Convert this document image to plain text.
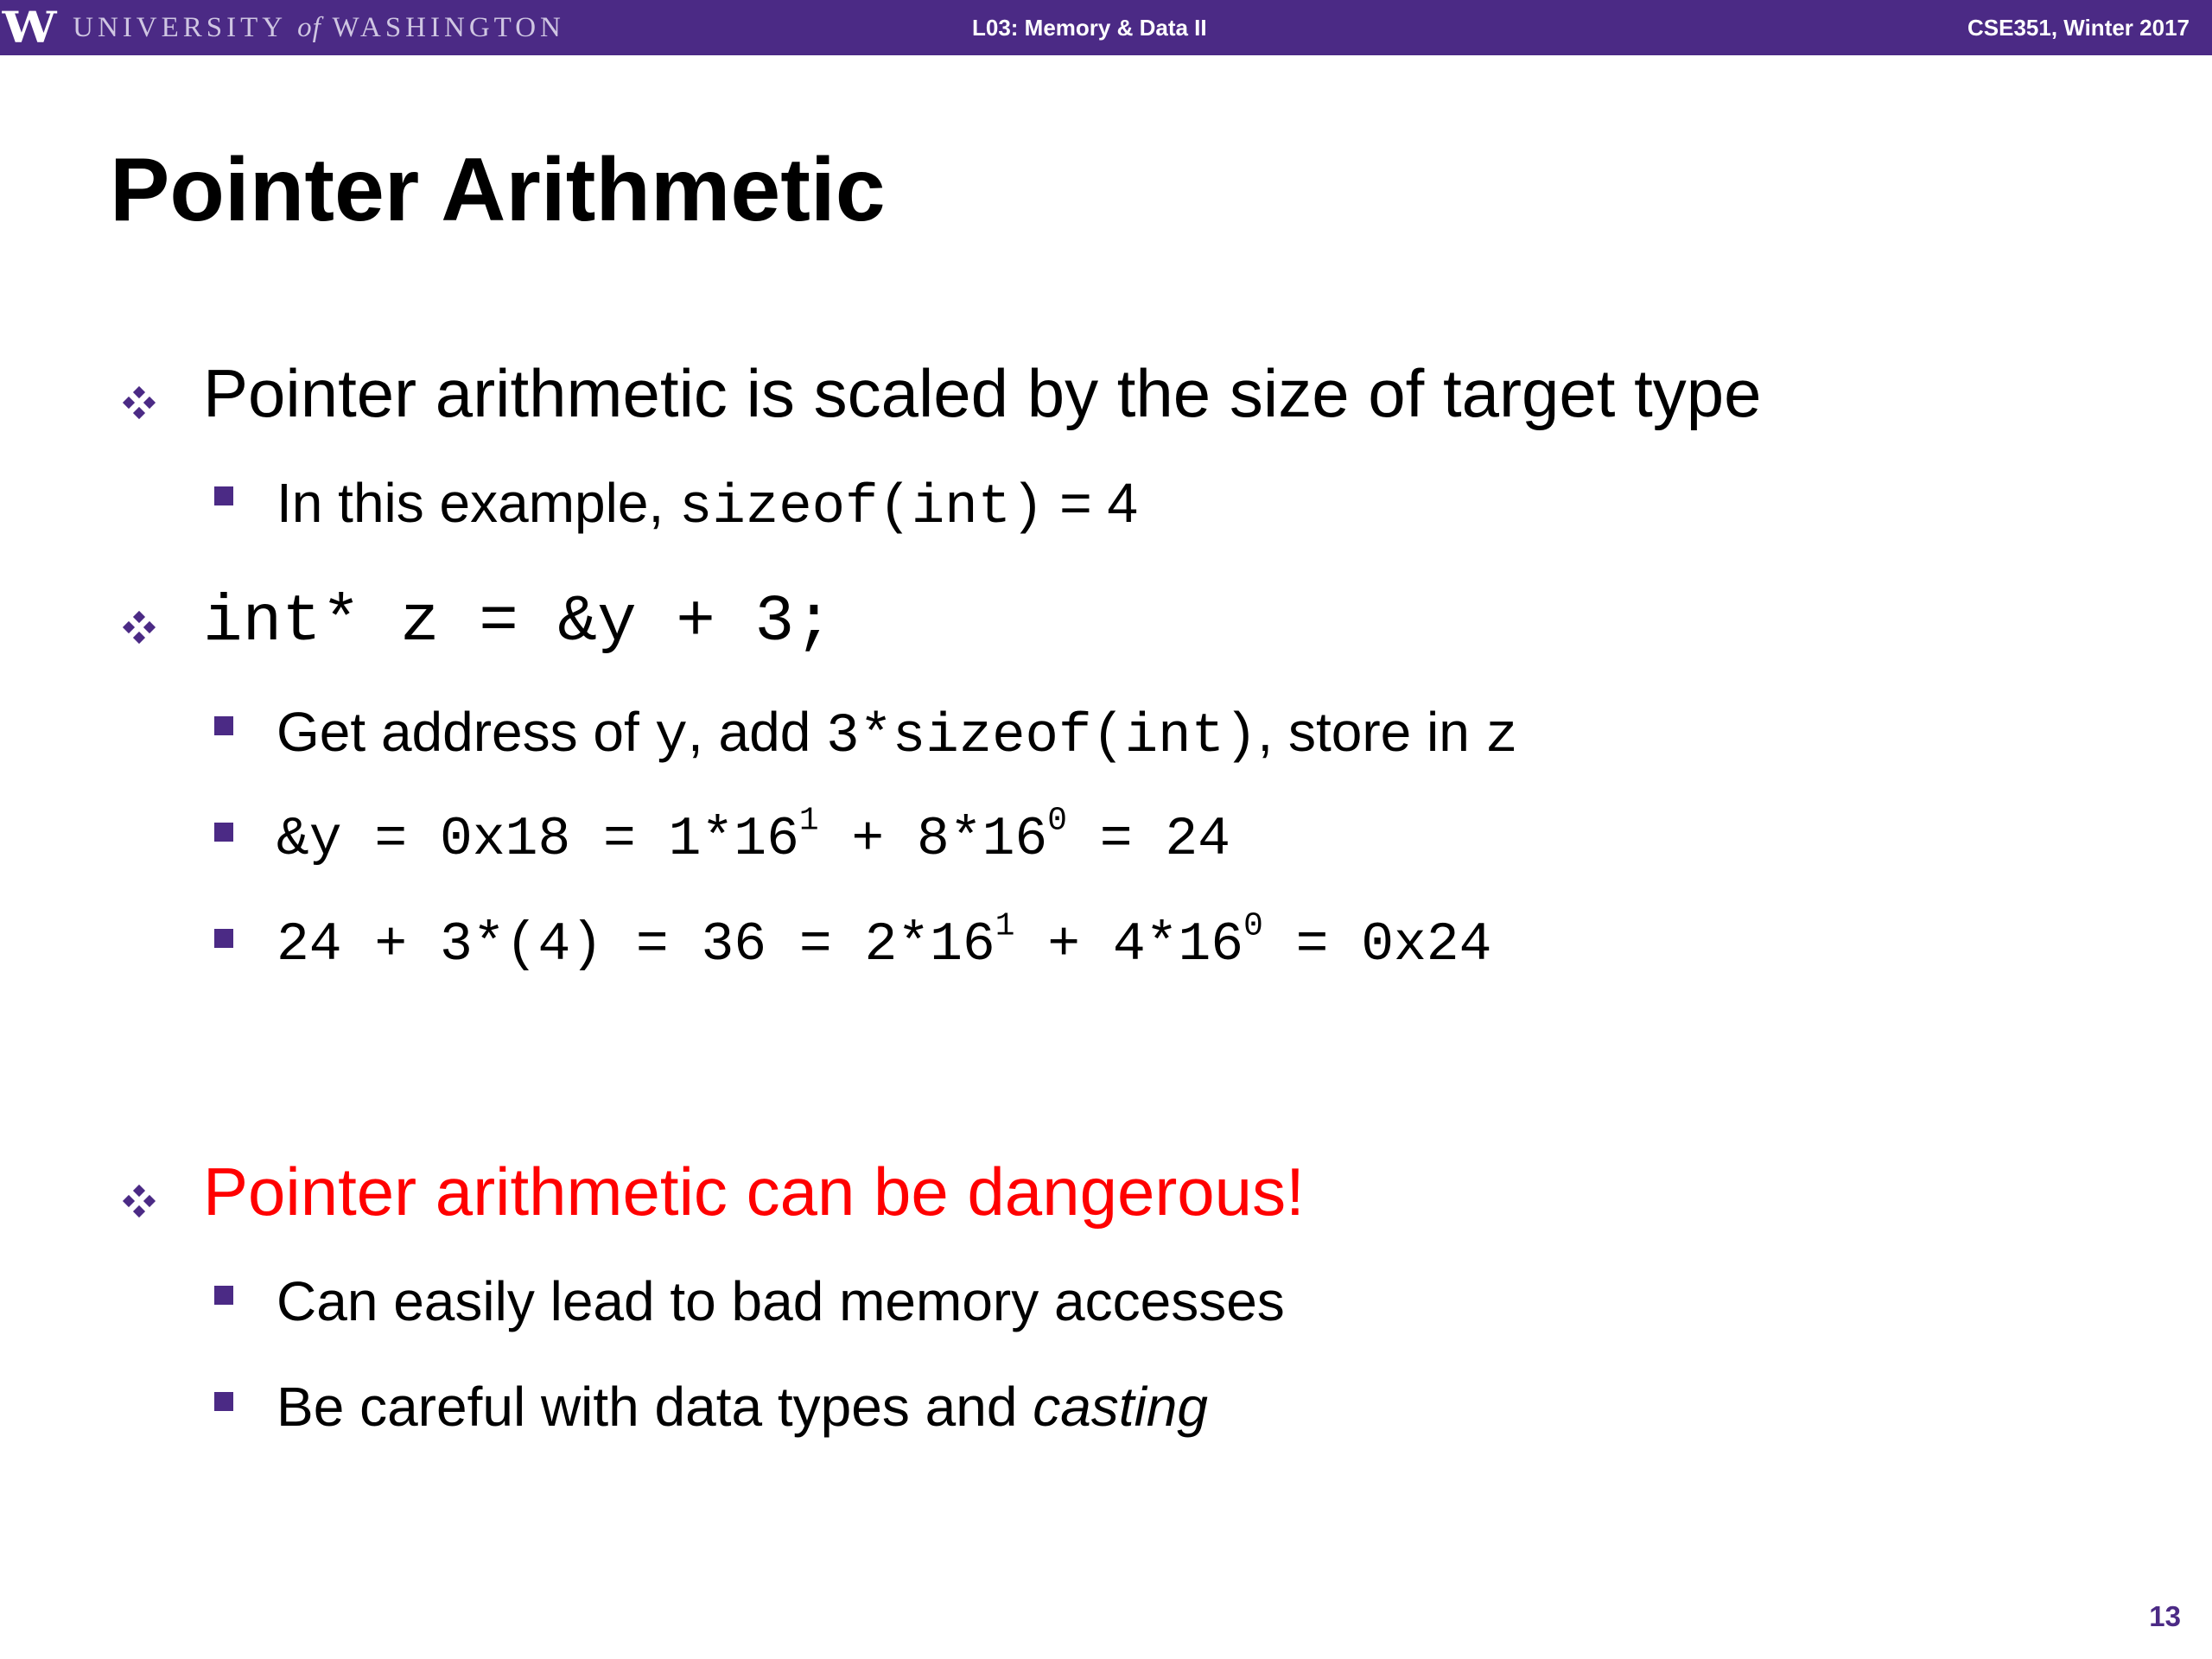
W UNIVERSITY of WASHINGTON	L03: Memory & Data II	CSE351, Winter 2017
Pointer Arithmetic
Pointer arithmetic is scaled by the size of target type
In this example, sizeof(int) = 4
int* z = &y + 3;
Get address of y, add 3*sizeof(int), store in z
&y = $0x18 = 1*16^1 + 8*16^0 = 24$
$24 + 3*(4) = 36 = 2*16^1 + 4*16^0 = 0x24$
Pointer arithmetic can be dangerous!
Can easily lead to bad memory accesses
Be careful with data types and casting
13
